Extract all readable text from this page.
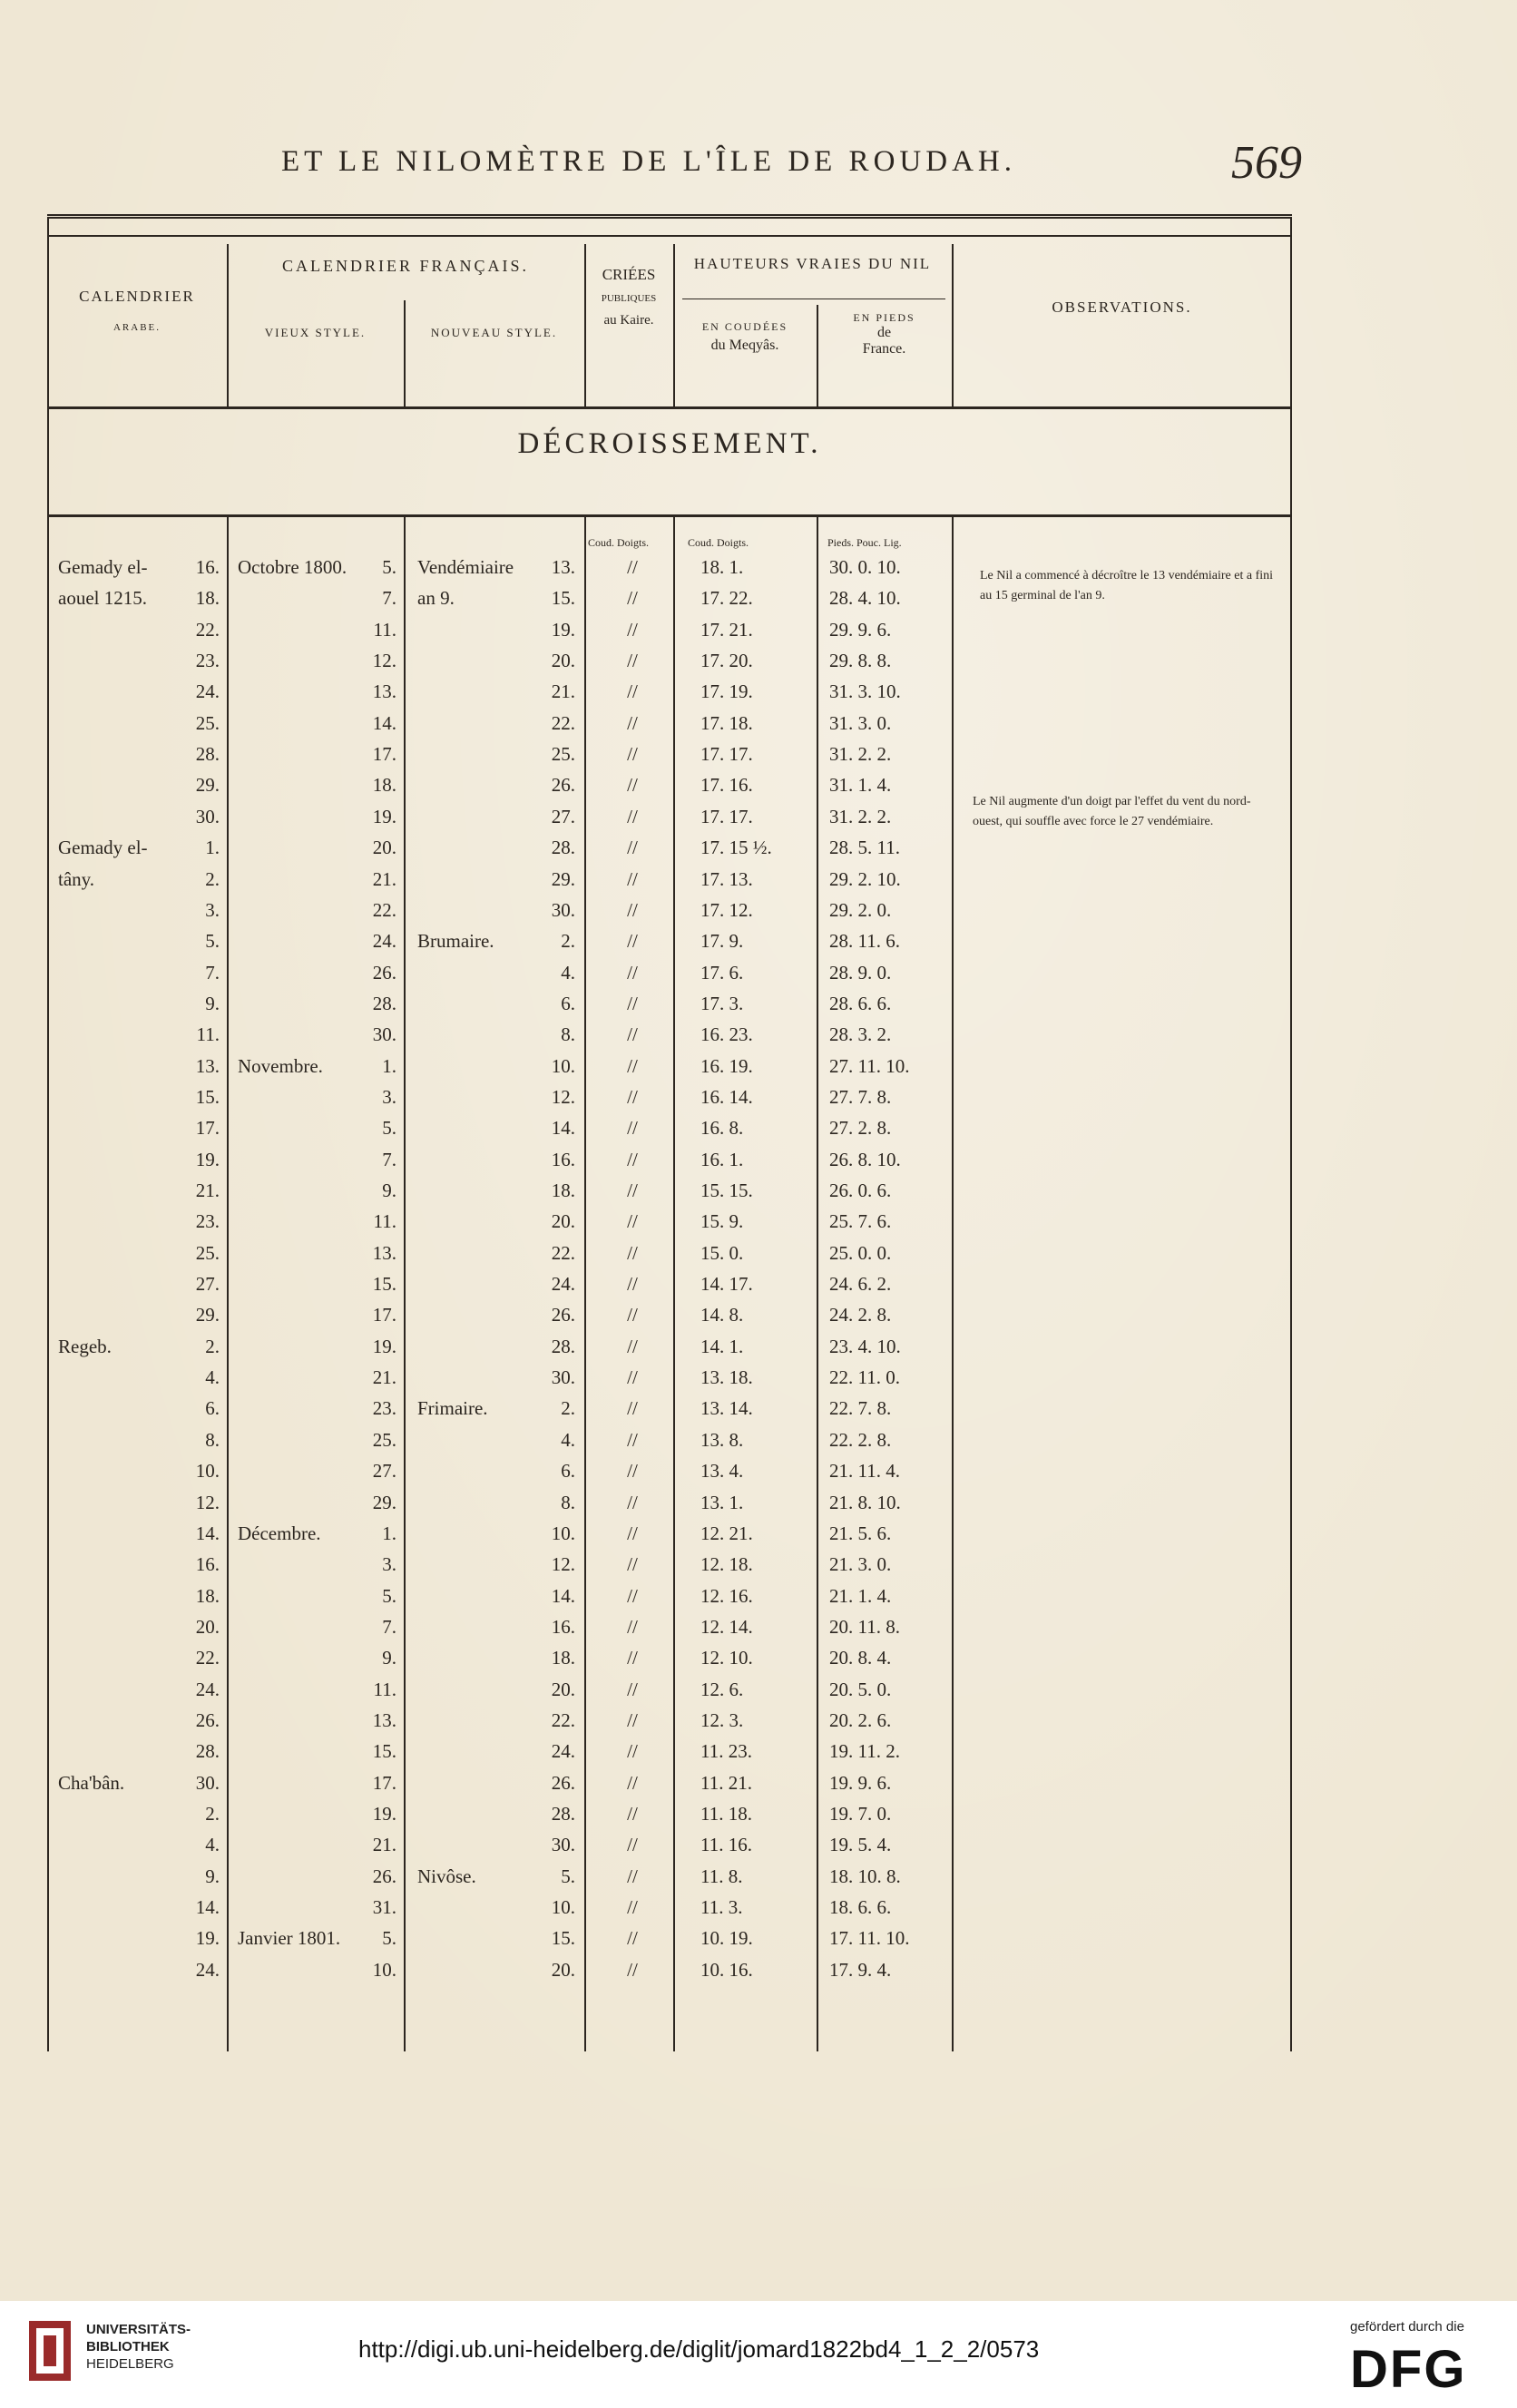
ET LE NILOMÈTRE DE L'ÎLE DE ROUDAH.	569
CALENDRIER
ARABE.
CALENDRIER FRANÇAIS.
VIEUX STYLE.	NOUVEAU STYLE.
CRIÉES
PUBLIQUES
au Kaire.
HAUTEURS VRAIES DU NIL
EN COUDÉES
du Meqyâs.
EN PIEDS
de
France.
OBSERVATIONS.
DÉCROISSEMENT.
Coud. Doigts.	Coud. Doigts.	Pieds. Pouc. Lig.
Gemady el-	16. Octobre 1800.	5. Vendémiaire	13.	//	18. 1.	30. 0. 10.
aouel 1215.	18.	7. an 9.	15.	//	17. 22.	28. 4. 10.
22.	11.	19.	//	17. 21.	29. 9. 6.
23.	12.	20.	//	17. 20.	29. 8. 8.
24.	13.	21.	//	17. 19.	31. 3. 10.
25.	14.	22.	//	17. 18.	31. 3. 0.
28.	17.	25.	//	17. 17.	31. 2. 2.
29.	18.	26.	//	17. 16.	31. 1. 4.
30.	19.	27.	//	17. 17.	31. 2. 2.
Gemady el-	1.	20.	28.	//	17. 15 ½.	28. 5. 11.
tâny.	2.	21.	29.	//	17. 13.	29. 2. 10.
3.	22.	30.	//	17. 12.	29. 2. 0.
5.	24. Brumaire.	2.	//	17. 9.	28. 11. 6.
7.	26.	4.	//	17. 6.	28. 9. 0.
9.	28.	6.	//	17. 3.	28. 6. 6.
11.	30.	8.	//	16. 23.	28. 3. 2.
13. Novembre.	1.	10.	//	16. 19.	27. 11. 10.
15.	3.	12.	//	16. 14.	27. 7. 8.
17.	5.	14.	//	16. 8.	27. 2. 8.
19.	7.	16.	//	16. 1.	26. 8. 10.
21.	9.	18.	//	15. 15.	26. 0. 6.
23.	11.	20.	//	15. 9.	25. 7. 6.
25.	13.	22.	//	15. 0.	25. 0. 0.
27.	15.	24.	//	14. 17.	24. 6. 2.
29.	17.	26.	//	14. 8.	24. 2. 8.
Regeb.	2.	19.	28.	//	14. 1.	23. 4. 10.
4.	21.	30.	//	13. 18.	22. 11. 0.
6.	23. Frimaire.	2.	//	13. 14.	22. 7. 8.
8.	25.	4.	//	13. 8.	22. 2. 8.
10.	27.	6.	//	13. 4.	21. 11. 4.
12.	29.	8.	//	13. 1.	21. 8. 10.
14. Décembre.	1.	10.	//	12. 21.	21. 5. 6.
16.	3.	12.	//	12. 18.	21. 3. 0.
18.	5.	14.	//	12. 16.	21. 1. 4.
20.	7.	16.	//	12. 14.	20. 11. 8.
22.	9.	18.	//	12. 10.	20. 8. 4.
24.	11.	20.	//	12. 6.	20. 5. 0.
26.	13.	22.	//	12. 3.	20. 2. 6.
28.	15.	24.	//	11. 23.	19. 11. 2.
Cha'bân.	30.	17.	26.	//	11. 21.	19. 9. 6.
2.	19.	28.	//	11. 18.	19. 7. 0.
4.	21.	30.	//	11. 16.	19. 5. 4.
9.	26. Nivôse.	5.	//	11. 8.	18. 10. 8.
14.	31.	10.	//	11. 3.	18. 6. 6.
19. Janvier 1801.	5.	15.	//	10. 19.	17. 11. 10.
24.	10.	20.	//	10. 16.	17. 9. 4.
Le Nil a commencé à décroître le 13 vendémiaire et a fini au 15 germinal de l'an 9.
Le Nil augmente d'un doigt par l'effet du vent du nord-ouest, qui souffle avec force le 27 vendémiaire.
UNIVERSITÄTS-
BIBLIOTHEK
HEIDELBERG
http://digi.ub.uni-heidelberg.de/diglit/jomard1822bd4_1_2_2/0573
gefördert durch die
DFG
